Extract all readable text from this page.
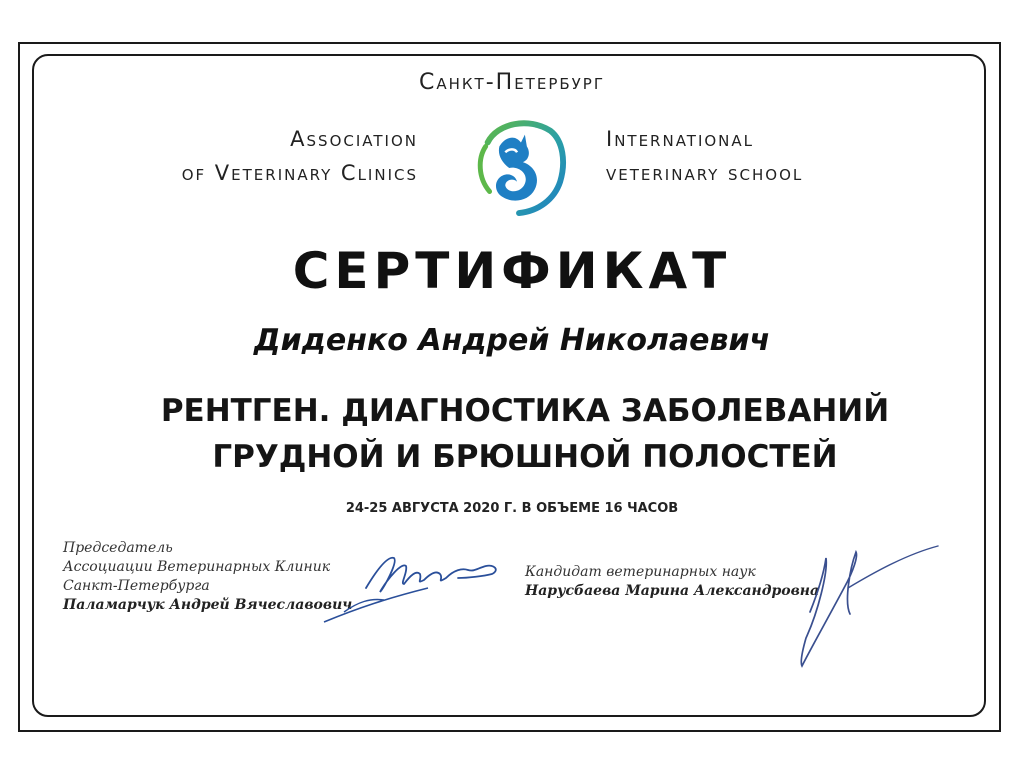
Санкт-Петербург
Association
of Veterinary Clinics
International
veterinary school
СЕРТИФИКАТ
Диденко Андрей Николаевич
РЕНТГЕН. ДИАГНОСТИКА ЗАБОЛЕВАНИЙ
ГРУДНОЙ И БРЮШНОЙ ПОЛОСТЕЙ
24-25 АВГУСТА 2020 Г. В ОБЪЕМЕ 16 ЧАСОВ
Председатель
Ассоциации Ветеринарных Клиник
Санкт-Петербурга
Паламарчук Андрей Вячеславович
Кандидат ветеринарных наук
Нарусбаева Марина Александровна
